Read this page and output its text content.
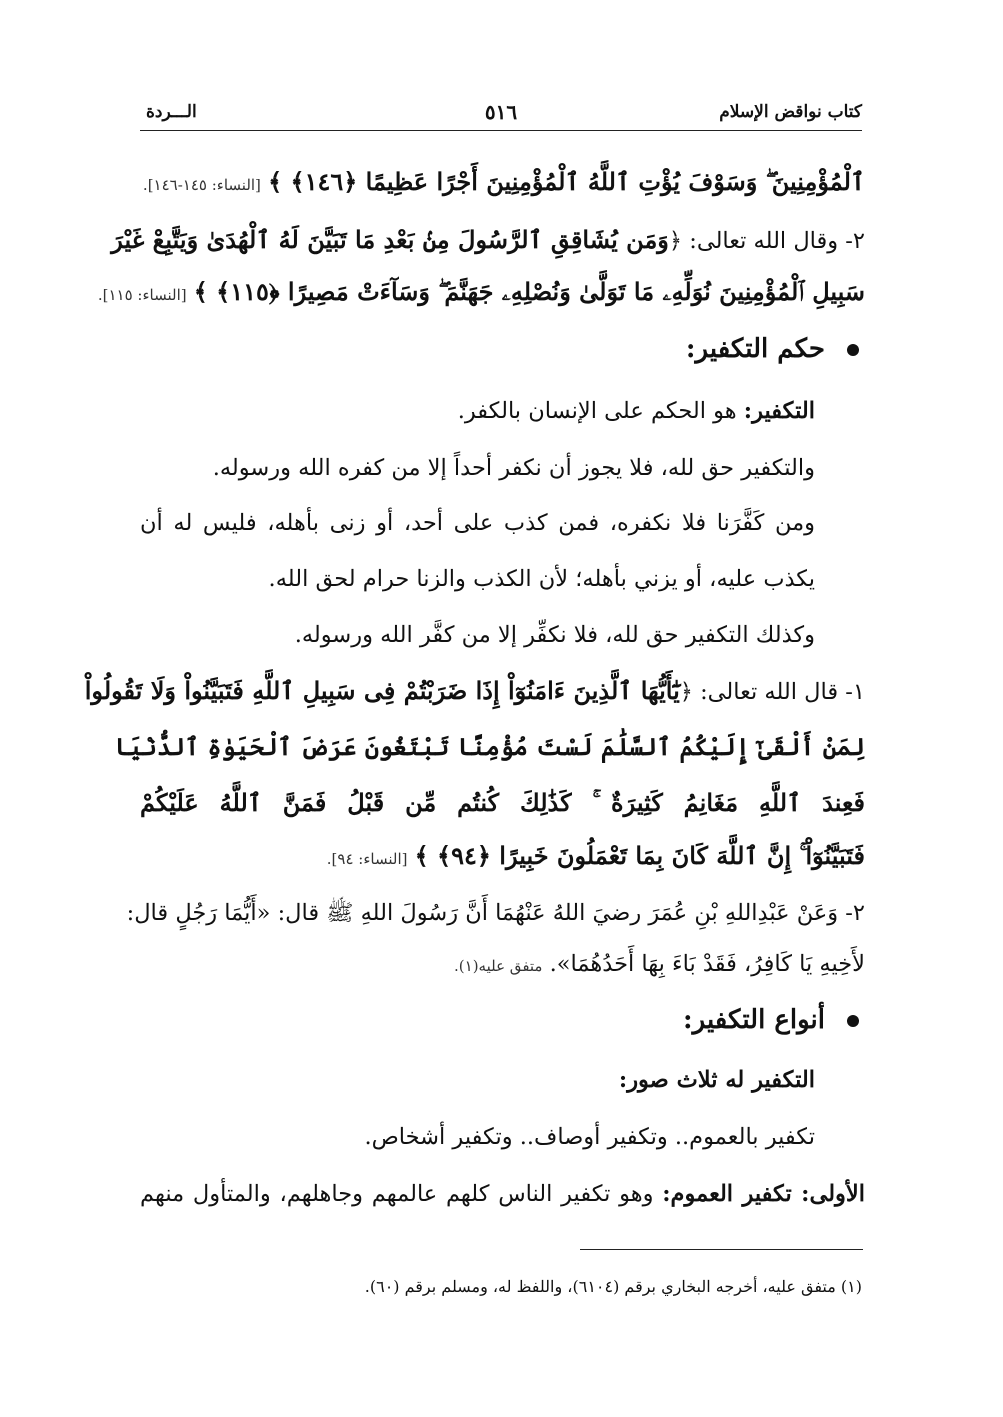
كتاب نواقض الإسلام
٥١٦
الـــردة
ٱلْمُؤْمِنِينَ ۖ وَسَوْفَ يُؤْتِ ٱللَّهُ ٱلْمُؤْمِنِينَ أَجْرًا عَظِيمًا ﴿١٤٦﴾ ﴾ [النساء: ١٤٥-١٤٦].
٢- وقال الله تعالى: ﴿وَمَن يُشَاقِقِ ٱلرَّسُولَ مِنۢ بَعْدِ مَا تَبَيَّنَ لَهُ ٱلْهُدَىٰ وَيَتَّبِعْ غَيْرَ
سَبِيلِ ٱلْمُؤْمِنِينَ نُوَلِّهِۦ مَا تَوَلَّىٰ وَنُصْلِهِۦ جَهَنَّمَ ۖ وَسَآءَتْ مَصِيرًا ﴿١١٥﴾ ﴾ [النساء: ١١٥].
حكم التكفير:
التكفير: هو الحكم على الإنسان بالكفر.
والتكفير حق لله، فلا يجوز أن نكفر أحداً إلا من كفره الله ورسوله.
ومن كَفَّرَنا فلا نكفره، فمن كذب على أحد، أو زنى بأهله، فليس له أن
يكذب عليه، أو يزني بأهله؛ لأن الكذب والزنا حرام لحق الله.
وكذلك التكفير حق لله، فلا نكفِّر إلا من كفَّر الله ورسوله.
١- قال الله تعالى: ﴿يَٰٓأَيُّهَا ٱلَّذِينَ ءَامَنُوٓاْ إِذَا ضَرَبْتُمْ فِى سَبِيلِ ٱللَّهِ فَتَبَيَّنُواْ وَلَا تَقُولُواْ
لِمَنْ أَلْقَىٰٓ إِلَيْكُمُ ٱلسَّلَٰمَ لَسْتَ مُؤْمِنًا تَبْتَغُونَ عَرَضَ ٱلْحَيَوٰةِ ٱلدُّنْيَا
فَعِندَ ٱللَّهِ مَغَانِمُ كَثِيرَةٌ ۚ كَذَٰلِكَ كُنتُم مِّن قَبْلُ فَمَنَّ ٱللَّهُ عَلَيْكُمْ
فَتَبَيَّنُوٓاْ ۚ إِنَّ ٱللَّهَ كَانَ بِمَا تَعْمَلُونَ خَبِيرًا ﴿٩٤﴾ ﴾ [النساء: ٩٤].
٢- وَعَنْ عَبْدِاللهِ بْنِ عُمَرَ رضيَ اللهُ عَنْهُمَا أَنَّ رَسُولَ اللهِ ﷺ قال: «أَيُّمَا رَجُلٍ قال:
لأَخِيهِ يَا كَافِرُ، فَقَدْ بَاءَ بِهَا أَحَدُهُمَا». متفق عليه(١).
أنواع التكفير:
التكفير له ثلاث صور:
تكفير بالعموم.. وتكفير أوصاف.. وتكفير أشخاص.
الأولى: تكفير العموم: وهو تكفير الناس كلهم عالمهم وجاهلهم، والمتأول منهم
(١) متفق عليه، أخرجه البخاري برقم (٦١٠٤)، واللفظ له، ومسلم برقم (٦٠).
